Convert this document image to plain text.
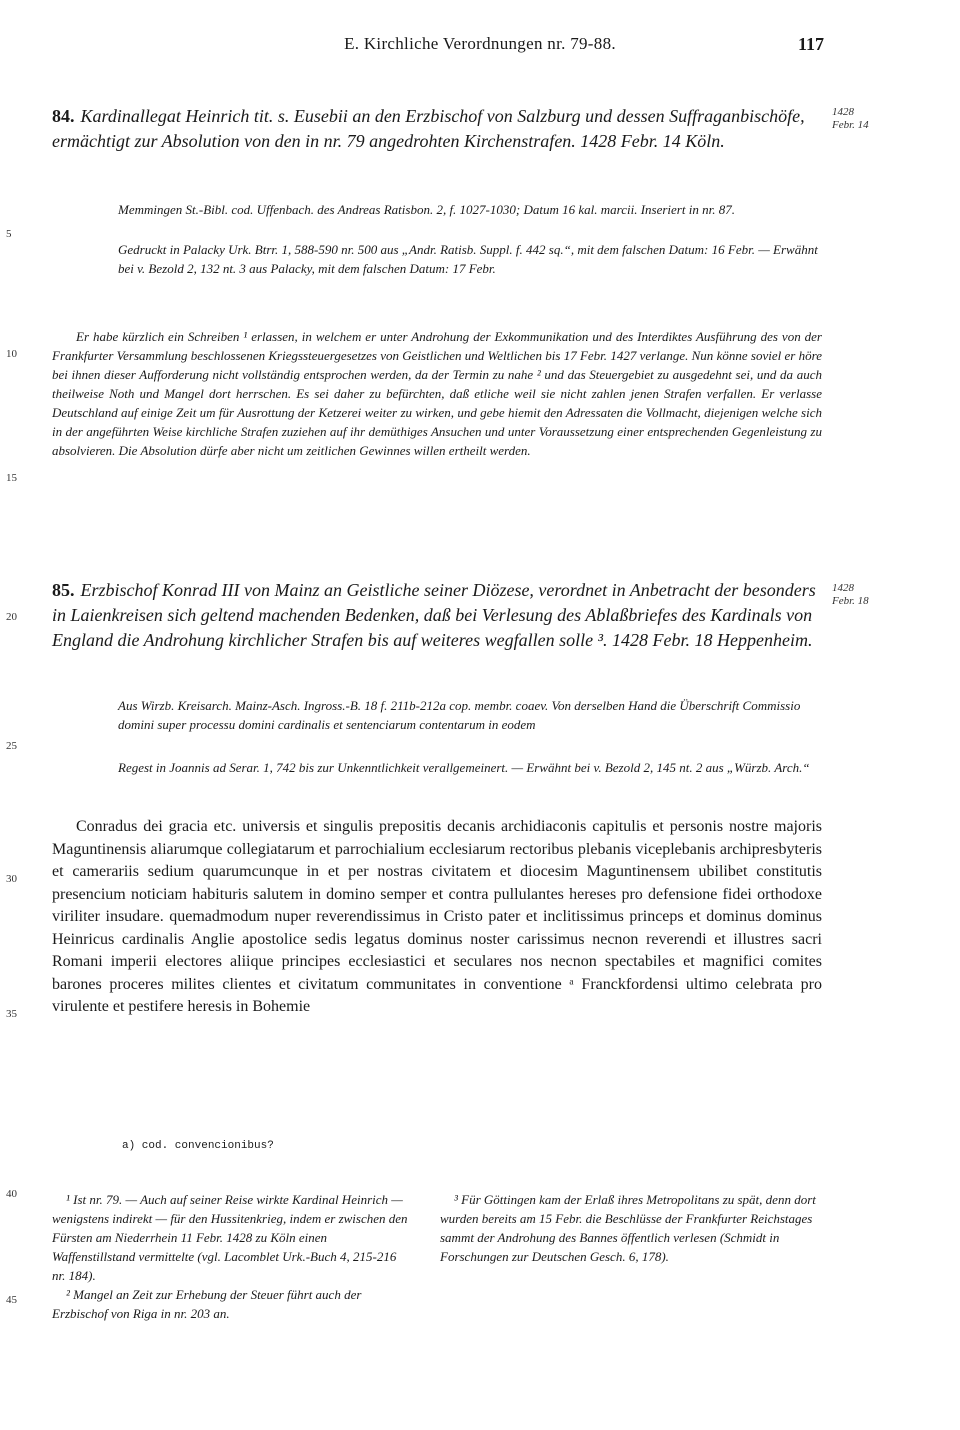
E. Kirchliche Verordnungen nr. 79-88.	117
5
10
15
20
25
30
35
40
45
1428 Febr. 14
1428 Febr. 18
84. Kardinallegat Heinrich tit. s. Eusebii an den Erzbischof von Salzburg und dessen Suffraganbischöfe, ermächtigt zur Absolution von den in nr. 79 angedrohten Kirchenstrafen. 1428 Febr. 14 Köln.
Memmingen St.-Bibl. cod. Uffenbach. des Andreas Ratisbon. 2, f. 1027-1030; Datum 16 kal. marcii. Inseriert in nr. 87.
Gedruckt in Palacky Urk. Btrr. 1, 588-590 nr. 500 aus „Andr. Ratisb. Suppl. f. 442 sq.“, mit dem falschen Datum: 16 Febr. — Erwähnt bei v. Bezold 2, 132 nt. 3 aus Palacky, mit dem falschen Datum: 17 Febr.
Er habe kürzlich ein Schreiben ¹ erlassen, in welchem er unter Androhung der Exkommunikation und des Interdiktes Ausführung des von der Frankfurter Versammlung beschlossenen Kriegssteuergesetzes von Geistlichen und Weltlichen bis 17 Febr. 1427 verlange. Nun könne soviel er höre bei ihnen dieser Aufforderung nicht vollständig entsprochen werden, da der Termin zu nahe ² und das Steuergebiet zu ausgedehnt sei, und da auch theilweise Noth und Mangel dort herrschen. Es sei daher zu befürchten, daß etliche weil sie nicht zahlen jenen Strafen verfallen. Er verlasse Deutschland auf einige Zeit um für Ausrottung der Ketzerei weiter zu wirken, und gebe hiemit den Adressaten die Vollmacht, diejenigen welche sich in der angeführten Weise kirchliche Strafen zuziehen auf ihr demüthiges Ansuchen und unter Voraussetzung einer entsprechenden Gegenleistung zu absolvieren. Die Absolution dürfe aber nicht um zeitlichen Gewinnes willen ertheilt werden.
85. Erzbischof Konrad III von Mainz an Geistliche seiner Diözese, verordnet in Anbetracht der besonders in Laienkreisen sich geltend machenden Bedenken, daß bei Verlesung des Ablaßbriefes des Kardinals von England die Androhung kirchlicher Strafen bis auf weiteres wegfallen solle ³. 1428 Febr. 18 Heppenheim.
Aus Wirzb. Kreisarch. Mainz-Asch. Ingross.-B. 18 f. 211b-212a cop. membr. coaev. Von derselben Hand die Überschrift Commissio domini super processu domini cardinalis et sentenciarum contentarum in eodem
Regest in Joannis ad Serar. 1, 742 bis zur Unkenntlichkeit verallgemeinert. — Erwähnt bei v. Bezold 2, 145 nt. 2 aus „Würzb. Arch.“
Conradus dei gracia etc. universis et singulis prepositis decanis archidiaconis capitulis et personis nostre majoris Maguntinensis aliarumque collegiatarum et parrochialium ecclesiarum rectoribus plebanis viceplebanis archipresbyteris et camerariis sedium quarumcunque in et per nostras civitatem et diocesim Maguntinensem ubilibet constitutis presencium noticiam habituris salutem in domino semper et contra pullulantes hereses pro defensione fidei orthodoxe viriliter insudare. quemadmodum nuper reverendissimus in Cristo pater et inclitissimus princeps et dominus dominus Heinricus cardinalis Anglie apostolice sedis legatus dominus noster carissimus necnon reverendi et illustres sacri Romani imperii electores aliique principes ecclesiastici et seculares nos necnon spectabiles et magnifici comites barones proceres milites clientes et civitatum communitates in conventione ᵃ Franckfordensi ultimo celebrata pro virulente et pestifere heresis in Bohemie
a) cod. convencionibus?

¹ Ist nr. 79. — Auch auf seiner Reise wirkte Kardinal Heinrich — wenigstens indirekt — für den Hussitenkrieg, indem er zwischen den Fürsten am Niederrhein 11 Febr. 1428 zu Köln einen Waffenstillstand vermittelte (vgl. Lacomblet Urk.-Buch 4, 215-216 nr. 184).

² Mangel an Zeit zur Erhebung der Steuer führt auch der Erzbischof von Riga in nr. 203 an.

³ Für Göttingen kam der Erlaß ihres Metropolitans zu spät, denn dort wurden bereits am 15 Febr. die Beschlüsse der Frankfurter Reichstages sammt der Androhung des Bannes öffentlich verlesen (Schmidt in Forschungen zur Deutschen Gesch. 6, 178).
